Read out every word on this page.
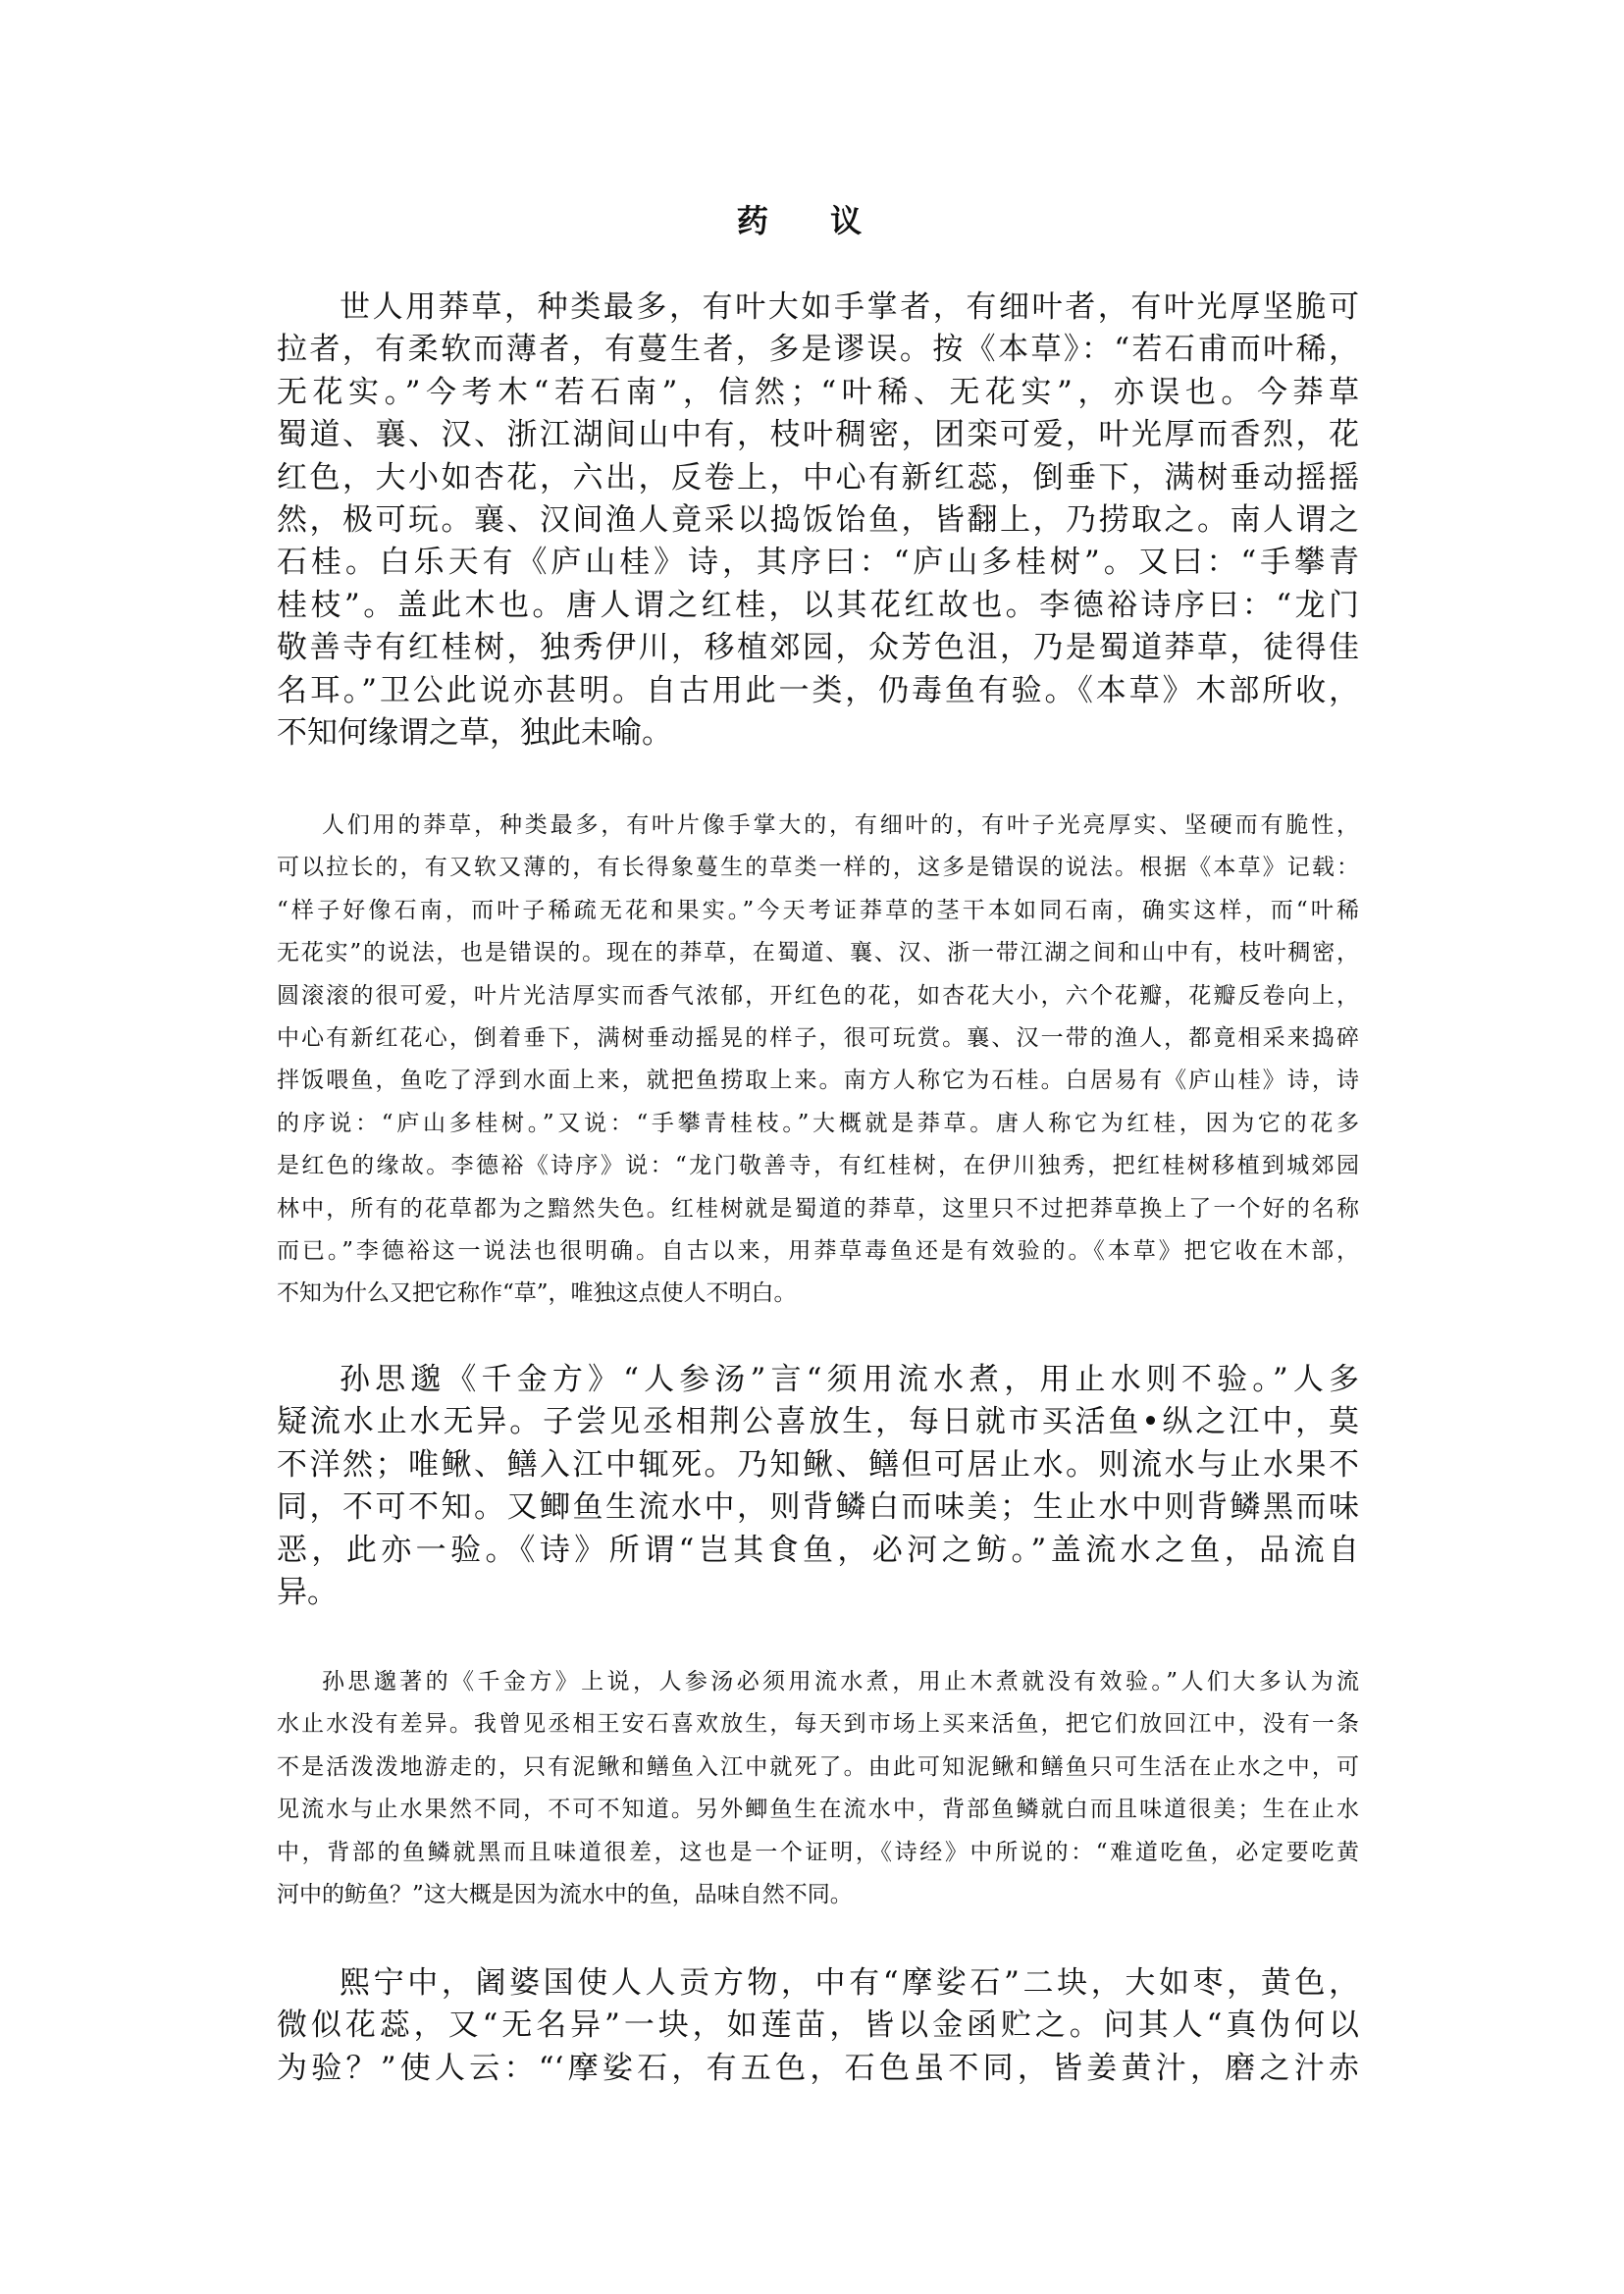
药 议
世人用莽草，种类最多，有叶大如手掌者，有细叶者，有叶光厚坚脆可
拉者，有柔软而薄者，有蔓生者，多是谬误。按《本草》：“若石甫而叶稀，
无花实。”今考木“若石南”，信然；“叶稀、无花实”，亦误也。今莽草
蜀道、襄、汉、浙江湖间山中有，枝叶稠密，团栾可爱，叶光厚而香烈，花
红色，大小如杏花，六出，反卷上，中心有新红蕊，倒垂下，满树垂动摇摇
然，极可玩。襄、汉间渔人竟采以捣饭饴鱼，皆翻上，乃捞取之。南人谓之
石桂。白乐天有《庐山桂》诗，其序曰：“庐山多桂树”。又曰：“手攀青
桂枝”。盖此木也。唐人谓之红桂，以其花红故也。李德裕诗序曰：“龙门
敬善寺有红桂树，独秀伊川，移植郊园，众芳色沮，乃是蜀道莽草，徒得佳
名耳。”卫公此说亦甚明。自古用此一类，仍毒鱼有验。《本草》木部所收，
不知何缘谓之草，独此未喻。
人们用的莽草，种类最多，有叶片像手掌大的，有细叶的，有叶子光亮厚实、坚硬而有脆性，
可以拉长的，有又软又薄的，有长得象蔓生的草类一样的，这多是错误的说法。根据《本草》记载：
“样子好像石南，而叶子稀疏无花和果实。”今天考证莽草的茎干本如同石南，确实这样，而“叶稀
无花实”的说法，也是错误的。现在的莽草，在蜀道、襄、汉、浙一带江湖之间和山中有，枝叶稠密，
圆滚滚的很可爱，叶片光洁厚实而香气浓郁，开红色的花，如杏花大小，六个花瓣，花瓣反卷向上，
中心有新红花心，倒着垂下，满树垂动摇晃的样子，很可玩赏。襄、汉一带的渔人，都竟相采来捣碎
拌饭喂鱼，鱼吃了浮到水面上来，就把鱼捞取上来。南方人称它为石桂。白居易有《庐山桂》诗，诗
的序说：“庐山多桂树。”又说：“手攀青桂枝。”大概就是莽草。唐人称它为红桂，因为它的花多
是红色的缘故。李德裕《诗序》说：“龙门敬善寺，有红桂树，在伊川独秀，把红桂树移植到城郊园
林中，所有的花草都为之黯然失色。红桂树就是蜀道的莽草，这里只不过把莽草换上了一个好的名称
而已。”李德裕这一说法也很明确。自古以来，用莽草毒鱼还是有效验的。《本草》把它收在木部，
不知为什么又把它称作“草”，唯独这点使人不明白。
孙思邈《千金方》“人参汤”言“须用流水煮，用止水则不验。”人多
疑流水止水无异。子尝见丞相荆公喜放生，每日就市买活鱼•纵之江中，莫
不洋然；唯鳅、鳝入江中辄死。乃知鳅、鳝但可居止水。则流水与止水果不
同，不可不知。又鲫鱼生流水中，则背鳞白而味美；生止水中则背鳞黑而味
恶，此亦一验。《诗》所谓“岂其食鱼，必河之鲂。”盖流水之鱼，品流自
异。
孙思邈著的《千金方》上说，人参汤必须用流水煮，用止木煮就没有效验。”人们大多认为流
水止水没有差异。我曾见丞相王安石喜欢放生，每天到市场上买来活鱼，把它们放回江中，没有一条
不是活泼泼地游走的，只有泥鳅和鳝鱼入江中就死了。由此可知泥鳅和鳝鱼只可生活在止水之中，可
见流水与止水果然不同，不可不知道。另外鲫鱼生在流水中，背部鱼鳞就白而且味道很美；生在止水
中，背部的鱼鳞就黑而且味道很差，这也是一个证明，《诗经》中所说的：“难道吃鱼，必定要吃黄
河中的鲂鱼？”这大概是因为流水中的鱼，品味自然不同。
熙宁中，阇婆国使人人贡方物，中有“摩娑石”二块，大如枣，黄色，
微似花蕊，又“无名异”一块，如莲苗，皆以金函贮之。问其人“真伪何以
为验？”使人云：“‘摩娑石，有五色，石色虽不同，皆姜黄汁，磨之汁赤
